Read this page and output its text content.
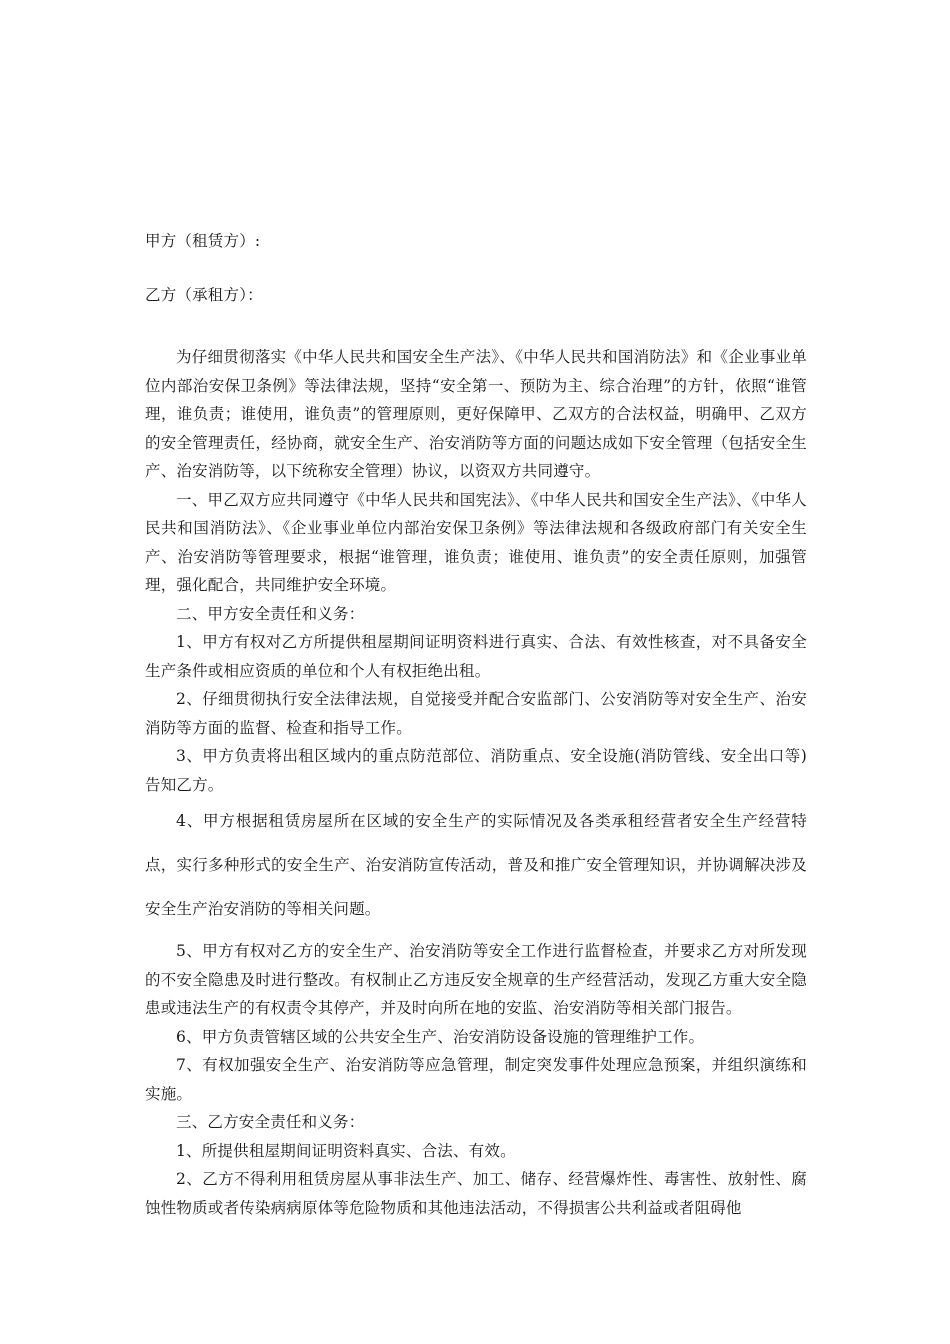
甲方（租赁方）:

乙方（承租方）：

为仔细贯彻落实《中华人民共和国安全生产法》、《中华人民共和国消防法》和《企业事业单位内部治安保卫条例》等法律法规，坚持“安全第一、预防为主、综合治理”的方针，依照“谁管理，谁负责；谁使用，谁负责”的管理原则，更好保障甲、乙双方的合法权益，明确甲、乙双方的安全管理责任，经协商，就安全生产、治安消防等方面的问题达成如下安全管理（包括安全生产、治安消防等，以下统称安全管理）协议，以资双方共同遵守。

一、甲乙双方应共同遵守《中华人民共和国宪法》、《中华人民共和国安全生产法》、《中华人民共和国消防法》、《企业事业单位内部治安保卫条例》等法律法规和各级政府部门有关安全生产、治安消防等管理要求，根据“谁管理，谁负责；谁使用、谁负责”的安全责任原则，加强管理，强化配合，共同维护安全环境。

二、甲方安全责任和义务：

1、甲方有权对乙方所提供租屋期间证明资料进行真实、合法、有效性核查，对不具备安全生产条件或相应资质的单位和个人有权拒绝出租。

2、仔细贯彻执行安全法律法规，自觉接受并配合安监部门、公安消防等对安全生产、治安消防等方面的监督、检查和指导工作。

3、甲方负责将出租区域内的重点防范部位、消防重点、安全设施(消防管线、安全出口等)告知乙方。

4、甲方根据租赁房屋所在区域的安全生产的实际情况及各类承租经营者安全生产经营特点，实行多种形式的安全生产、治安消防宣传活动，普及和推广安全管理知识，并协调解决涉及安全生产治安消防的等相关问题。

5、甲方有权对乙方的安全生产、治安消防等安全工作进行监督检查，并要求乙方对所发现的不安全隐患及时进行整改。有权制止乙方违反安全规章的生产经营活动，发现乙方重大安全隐患或违法生产的有权责令其停产，并及时向所在地的安监、治安消防等相关部门报告。

6、甲方负责管辖区域的公共安全生产、治安消防设备设施的管理维护工作。

7、有权加强安全生产、治安消防等应急管理，制定突发事件处理应急预案，并组织演练和实施。

三、乙方安全责任和义务：

1、所提供租屋期间证明资料真实、合法、有效。

2、乙方不得利用租赁房屋从事非法生产、加工、储存、经营爆炸性、毒害性、放射性、腐蚀性物质或者传染病病原体等危险物质和其他违法活动，不得损害公共利益或者阻碍他
